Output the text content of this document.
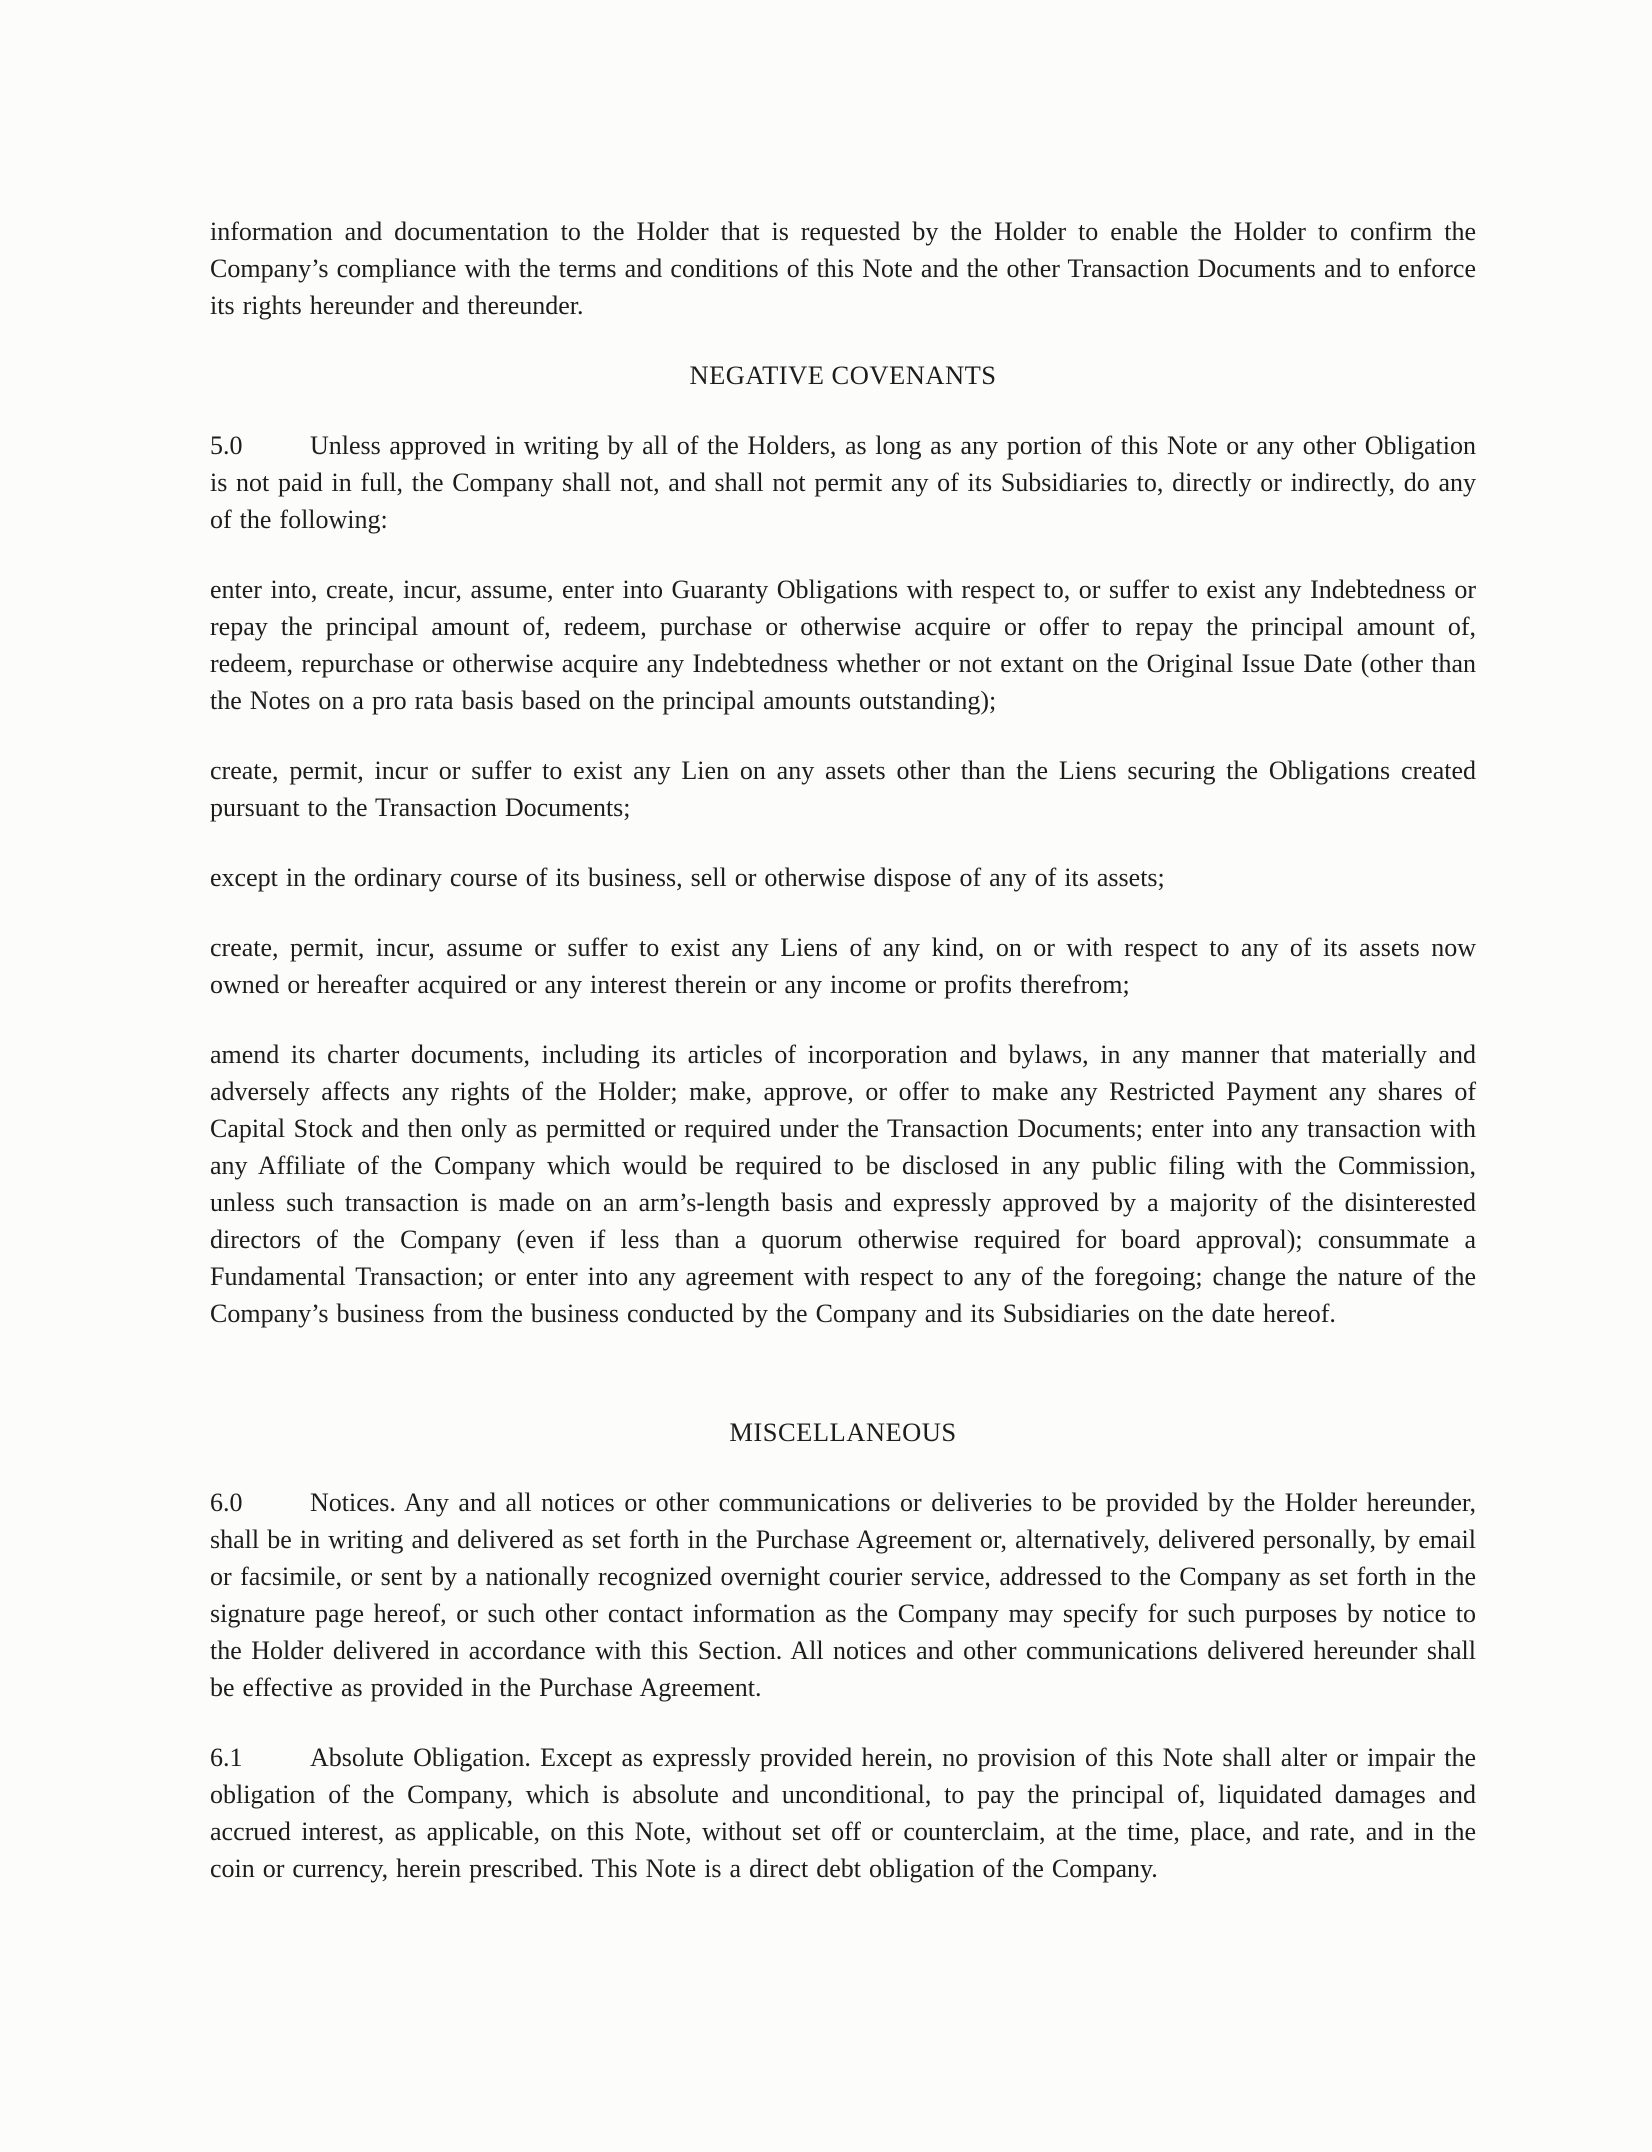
information and documentation to the Holder that is requested by the Holder to enable the Holder to confirm the Company’s compliance with the terms and conditions of this Note and the other Transaction Documents and to enforce its rights hereunder and thereunder.

NEGATIVE COVENANTS

5.0	Unless approved in writing by all of the Holders, as long as any portion of this Note or any other Obligation is not paid in full, the Company shall not, and shall not permit any of its Subsidiaries to, directly or indirectly, do any of the following:

enter into, create, incur, assume, enter into Guaranty Obligations with respect to, or suffer to exist any Indebtedness or repay the principal amount of, redeem, purchase or otherwise acquire or offer to repay the principal amount of, redeem, repurchase or otherwise acquire any Indebtedness whether or not extant on the Original Issue Date (other than the Notes on a pro rata basis based on the principal amounts outstanding);

create, permit, incur or suffer to exist any Lien on any assets other than the Liens securing the Obligations created pursuant to the Transaction Documents;

except in the ordinary course of its business, sell or otherwise dispose of any of its assets;

create, permit, incur, assume or suffer to exist any Liens of any kind, on or with respect to any of its assets now owned or hereafter acquired or any interest therein or any income or profits therefrom;

amend its charter documents, including its articles of incorporation and bylaws, in any manner that materially and adversely affects any rights of the Holder; make, approve, or offer to make any Restricted Payment any shares of Capital Stock and then only as permitted or required under the Transaction Documents; enter into any transaction with any Affiliate of the Company which would be required to be disclosed in any public filing with the Commission, unless such transaction is made on an arm’s-length basis and expressly approved by a majority of the disinterested directors of the Company (even if less than a quorum otherwise required for board approval); consummate a Fundamental Transaction; or enter into any agreement with respect to any of the foregoing; change the nature of the Company’s business from the business conducted by the Company and its Subsidiaries on the date hereof.

MISCELLANEOUS

6.0	Notices. Any and all notices or other communications or deliveries to be provided by the Holder hereunder, shall be in writing and delivered as set forth in the Purchase Agreement or, alternatively, delivered personally, by email or facsimile, or sent by a nationally recognized overnight courier service, addressed to the Company as set forth in the signature page hereof, or such other contact information as the Company may specify for such purposes by notice to the Holder delivered in accordance with this Section. All notices and other communications delivered hereunder shall be effective as provided in the Purchase Agreement.

6.1	Absolute Obligation. Except as expressly provided herein, no provision of this Note shall alter or impair the obligation of the Company, which is absolute and unconditional, to pay the principal of, liquidated damages and accrued interest, as applicable, on this Note, without set off or counterclaim, at the time, place, and rate, and in the coin or currency, herein prescribed. This Note is a direct debt obligation of the Company.
